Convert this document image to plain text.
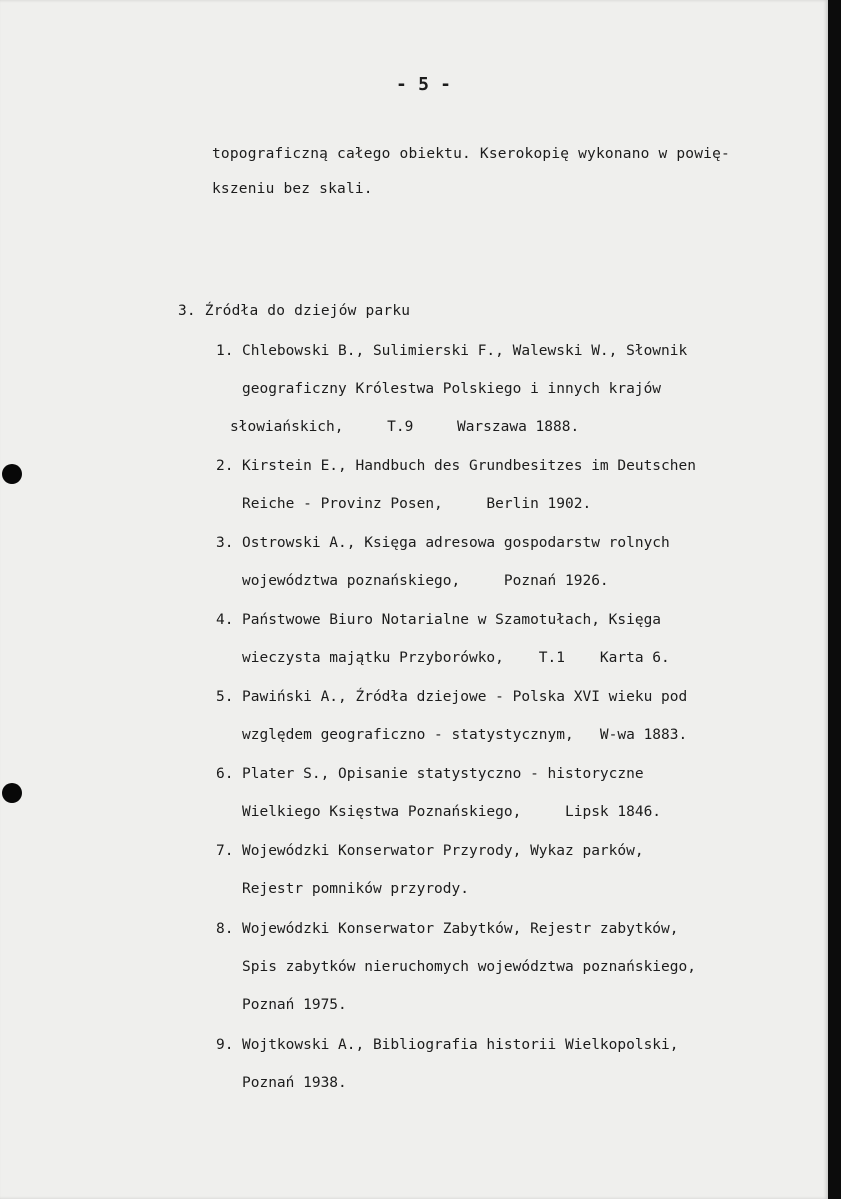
- 5 -

topograficzną całego obiektu. Kserokopię wykonano w powię-

kszeniu bez skali.

3. Źródła do dziejów parku
1. Chlebowski B., Sulimierski F., Walewski W., Słownik
geograficzny Królestwa Polskiego i innych krajów
słowiańskich,     T.9     Warszawa 1888.
2. Kirstein E., Handbuch des Grundbesitzes im Deutschen
Reiche - Provinz Posen,     Berlin 1902.
3. Ostrowski A., Księga adresowa gospodarstw rolnych
województwa poznańskiego,     Poznań 1926.
4. Państwowe Biuro Notarialne w Szamotułach, Księga
wieczysta majątku Przyborówko,    T.1    Karta 6.
5. Pawiński A., Źródła dziejowe - Polska XVI wieku pod
względem geograficzno - statystycznym,   W-wa 1883.
6. Plater S., Opisanie statystyczno - historyczne
Wielkiego Księstwa Poznańskiego,     Lipsk 1846.
7. Wojewódzki Konserwator Przyrody, Wykaz parków,
Rejestr pomników przyrody.
8. Wojewódzki Konserwator Zabytków, Rejestr zabytków,
Spis zabytków nieruchomych województwa poznańskiego,
Poznań 1975.
9. Wojtkowski A., Bibliografia historii Wielkopolski,
Poznań 1938.
